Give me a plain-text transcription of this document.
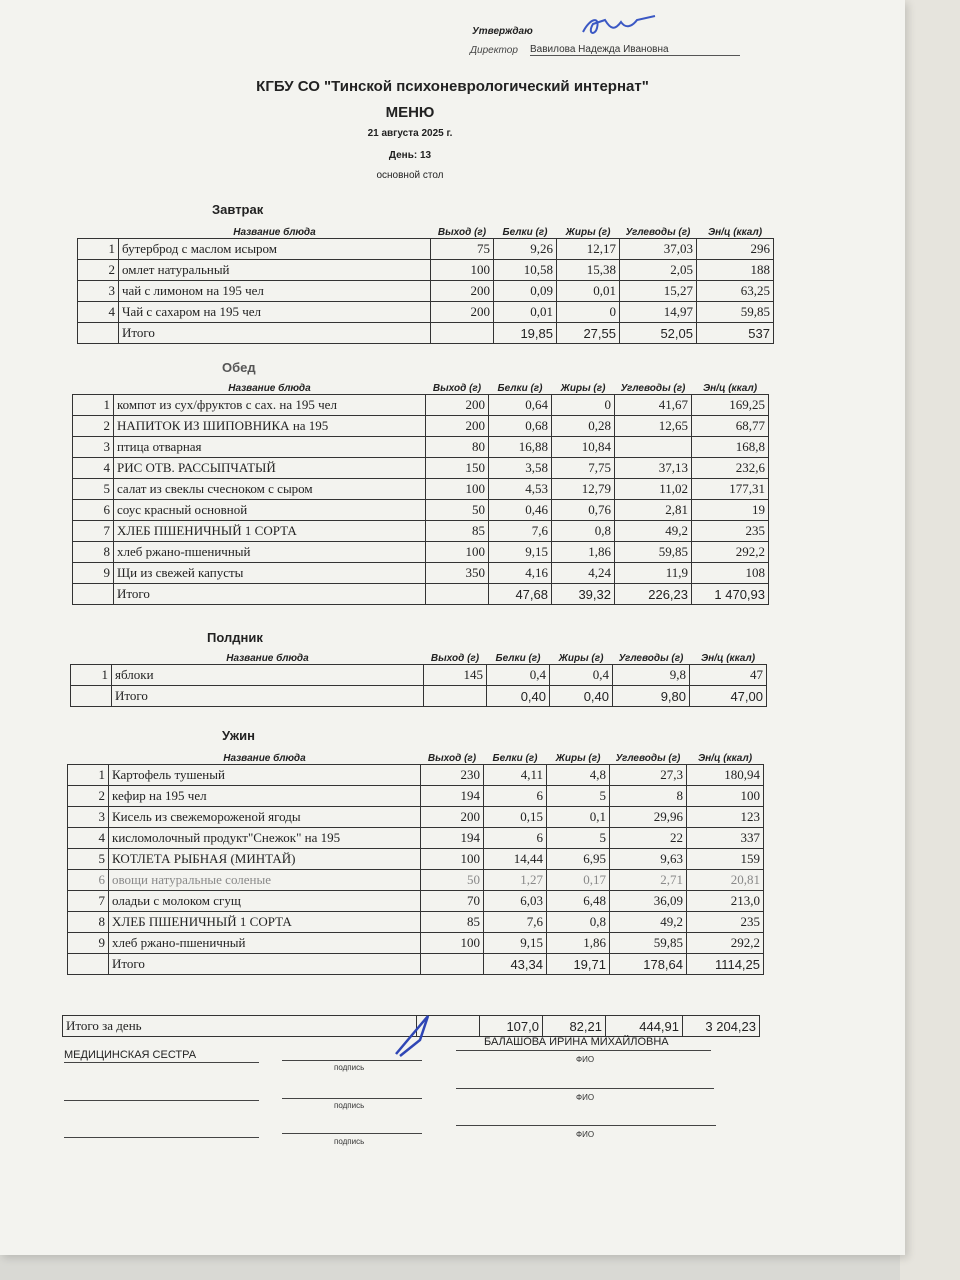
Утверждаю
Директор Вавилова Надежда Ивановна
КГБУ СО "Тинской психоневрологический интернат"
МЕНЮ
21 августа 2025 г.
День: 13
основной стол
Завтрак
	Название блюда	Выход (г)	Белки (г)	Жиры (г)	Углеводы (г)	Эн/ц (ккал)
1	бутерброд с маслом исыром	75	9,26	12,17	37,03	296
2	омлет натуральный	100	10,58	15,38	2,05	188
3	чай с лимоном на 195 чел	200	0,09	0,01	15,27	63,25
4	Чай с сахаром на 195 чел	200	0,01	0	14,97	59,85
	Итого		19,85	27,55	52,05	537
Обед
	Название блюда	Выход (г)	Белки (г)	Жиры (г)	Углеводы (г)	Эн/ц (ккал)
1	компот из сух/фруктов с сах. на 195 чел	200	0,64	0	41,67	169,25
2	НАПИТОК ИЗ ШИПОВНИКА на 195	200	0,68	0,28	12,65	68,77
3	птица отварная	80	16,88	10,84		168,8
4	РИС ОТВ. РАССЫПЧАТЫЙ	150	3,58	7,75	37,13	232,6
5	салат из свеклы счесноком с сыром	100	4,53	12,79	11,02	177,31
6	соус красный основной	50	0,46	0,76	2,81	19
7	ХЛЕБ ПШЕНИЧНЫЙ 1 СОРТА	85	7,6	0,8	49,2	235
8	хлеб ржано-пшеничный	100	9,15	1,86	59,85	292,2
9	Щи из свежей капусты	350	4,16	4,24	11,9	108
	Итого		47,68	39,32	226,23	1 470,93
Полдник
	Название блюда	Выход (г)	Белки (г)	Жиры (г)	Углеводы (г)	Эн/ц (ккал)
1	яблоки	145	0,4	0,4	9,8	47
	Итого		0,40	0,40	9,80	47,00
Ужин
	Название блюда	Выход (г)	Белки (г)	Жиры (г)	Углеводы (г)	Эн/ц (ккал)
1	Картофель тушеный	230	4,11	4,8	27,3	180,94
2	кефир на 195 чел	194	6	5	8	100
3	Кисель из свежемороженой ягоды	200	0,15	0,1	29,96	123
4	кисломолочный продукт"Снежок" на 195	194	6	5	22	337
5	КОТЛЕТА РЫБНАЯ (МИНТАЙ)	100	14,44	6,95	9,63	159
6	овощи натуральные соленые	50	1,27	0,17	2,71	20,81
7	оладьи с молоком сгущ	70	6,03	6,48	36,09	213,0
8	ХЛЕБ ПШЕНИЧНЫЙ 1 СОРТА	85	7,6	0,8	49,2	235
9	хлеб ржано-пшеничный	100	9,15	1,86	59,85	292,2
	Итого		43,34	19,71	178,64	1114,25
Итого за день		107,0	82,21	444,91	3 204,23
МЕДИЦИНСКАЯ СЕСТРА
подпись
БАЛАШОВА ИРИНА МИХАЙЛОВНА
ФИО
подпись
ФИО
подпись
ФИО
